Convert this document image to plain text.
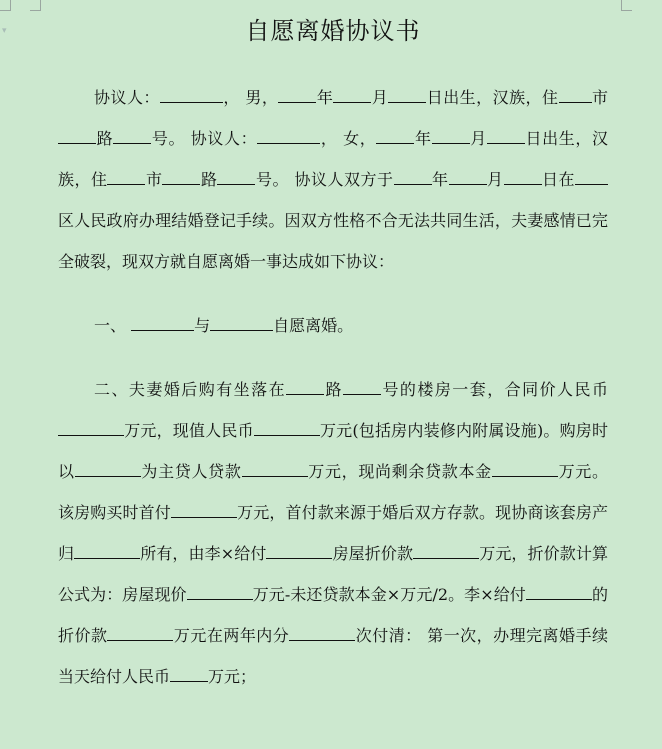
▾	自愿离婚协议书
协议人：	， 男， 年 月 日出生，汉族，住 市路 号。 协议人：	， 女， 年 月 日出生，汉族，住 市 路 号。 协议人双方于 年 月 日在区人民政府办理结婚登记手续。因双方性格不合无法共同生活，夫妻感情已完全破裂，现双方就自愿离婚一事达成如下协议：
一、	与	自愿离婚。
二、夫妻婚后购有坐落在 路 号的楼房一套，合同价人民币万元，现值人民币	万元(包括房内装修内附属设施)。购房时以	为主贷人贷款	万元，现尚剩余贷款本金	万元。该房购买时首付	万元，首付款来源于婚后双方存款。现协商该套房产归	所有，由李×给付	房屋折价款	万元，折价款计算公式为：房屋现价	万元-未还贷款本金×万元/2。李×给付	的折价款	万元在两年内分	次付清： 第一次，办理完离婚手续当天给付人民币 万元；
